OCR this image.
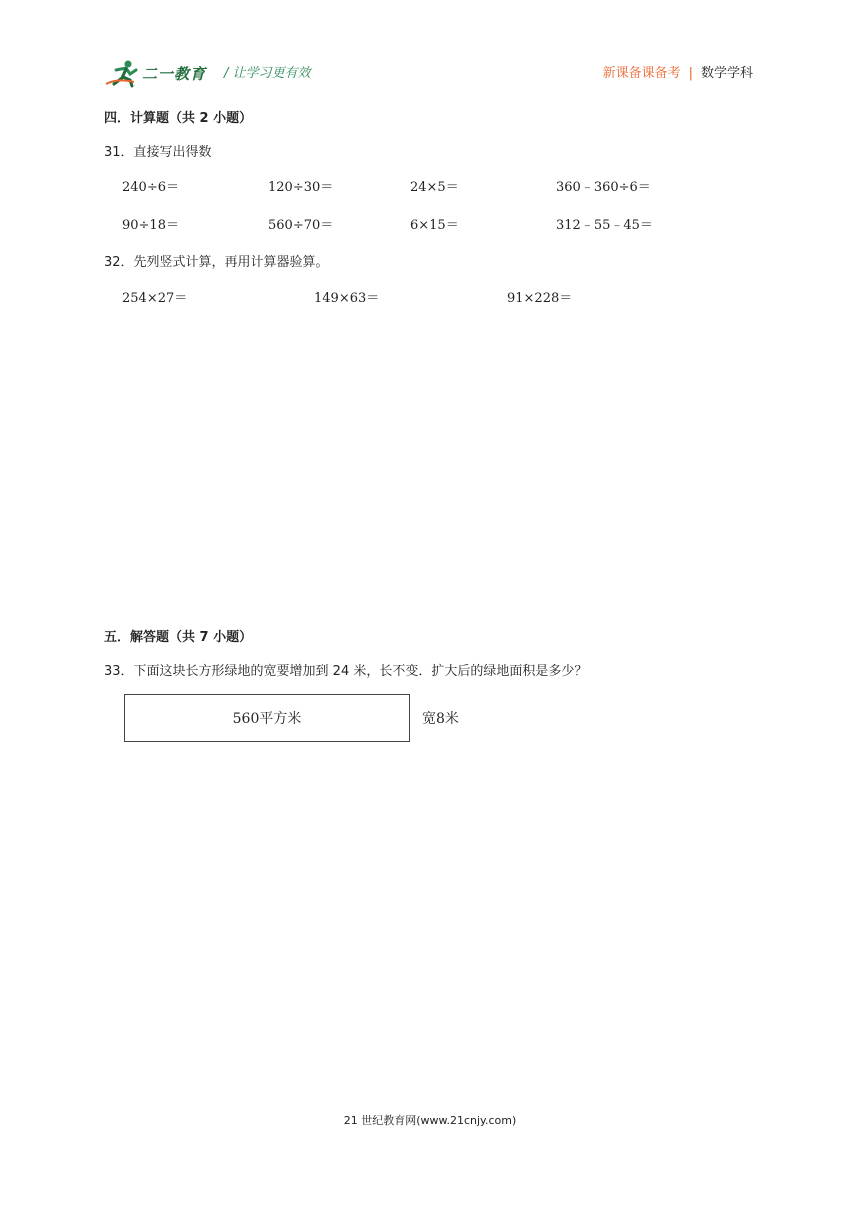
二一教育 / 让学习更有效	新课备课备考 | 数学学科
四．计算题（共 2 小题）
31．直接写出得数
240÷6＝	120÷30＝	24×5＝	360﹣360÷6＝
90÷18＝	560÷70＝	6×15＝	312﹣55﹣45＝
32．先列竖式计算，再用计算器验算。
254×27＝	149×63＝	91×228＝
五．解答题（共 7 小题）
33．下面这块长方形绿地的宽要增加到 24 米，长不变．扩大后的绿地面积是多少？
560平方米	宽8米
21 世纪教育网(www.21cnjy.com)
